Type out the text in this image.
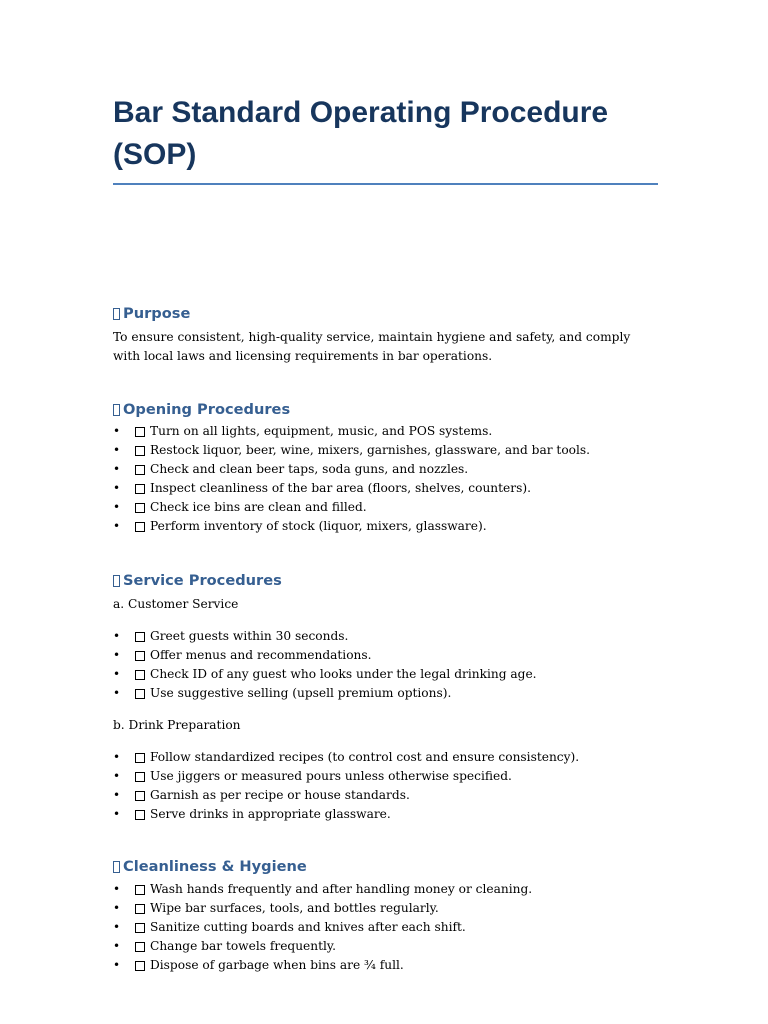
Bar Standard Operating Procedure (SOP)
Purpose

To ensure consistent, high-quality service, maintain hygiene and safety, and comply with local laws and licensing requirements in bar operations.

Opening Procedures
• Turn on all lights, equipment, music, and POS systems.
• Restock liquor, beer, wine, mixers, garnishes, glassware, and bar tools.
• Check and clean beer taps, soda guns, and nozzles.
• Inspect cleanliness of the bar area (floors, shelves, counters).
• Check ice bins are clean and filled.
• Perform inventory of stock (liquor, mixers, glassware).
Service Procedures

a. Customer Service

• Greet guests within 30 seconds.
• Offer menus and recommendations.
• Check ID of any guest who looks under the legal drinking age.
• Use suggestive selling (upsell premium options).

b. Drink Preparation

• Follow standardized recipes (to control cost and ensure consistency).
• Use jiggers or measured pours unless otherwise specified.
• Garnish as per recipe or house standards.
• Serve drinks in appropriate glassware.
Cleanliness & Hygiene
• Wash hands frequently and after handling money or cleaning.
• Wipe bar surfaces, tools, and bottles regularly.
• Sanitize cutting boards and knives after each shift.
• Change bar towels frequently.
• Dispose of garbage when bins are ¾ full.
